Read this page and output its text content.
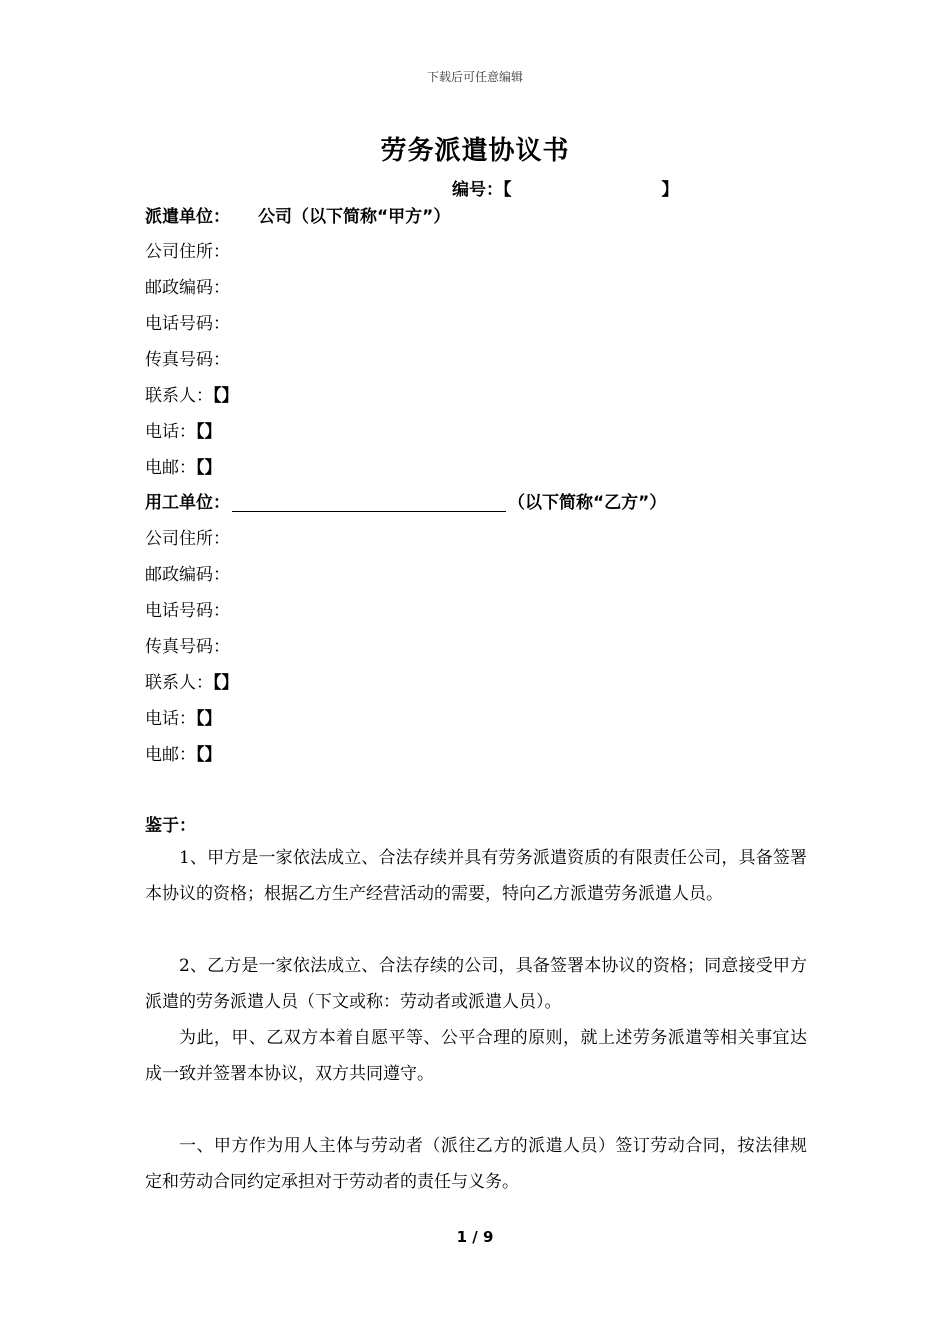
下载后可任意编辑
劳务派遣协议书
编号：【	】
派遣单位： 公司（以下简称“甲方”）
公司住所：
邮政编码：
电话号码：
传真号码：
联系人：【】
电话：【】
电邮：【】
用工单位：	（以下简称“乙方”）
公司住所：
邮政编码：
电话号码：
传真号码：
联系人：【】
电话：【】
电邮：【】
鉴于：
1、甲方是一家依法成立、合法存续并具有劳务派遣资质的有限责任公司，具备签署本协议的资格；根据乙方生产经营活动的需要，特向乙方派遣劳务派遣人员。
2、乙方是一家依法成立、合法存续的公司，具备签署本协议的资格；同意接受甲方派遣的劳务派遣人员（下文或称：劳动者或派遣人员）。
为此，甲、乙双方本着自愿平等、公平合理的原则，就上述劳务派遣等相关事宜达成一致并签署本协议，双方共同遵守。
一、甲方作为用人主体与劳动者（派往乙方的派遣人员）签订劳动合同，按法律规定和劳动合同约定承担对于劳动者的责任与义务。
1 / 9
